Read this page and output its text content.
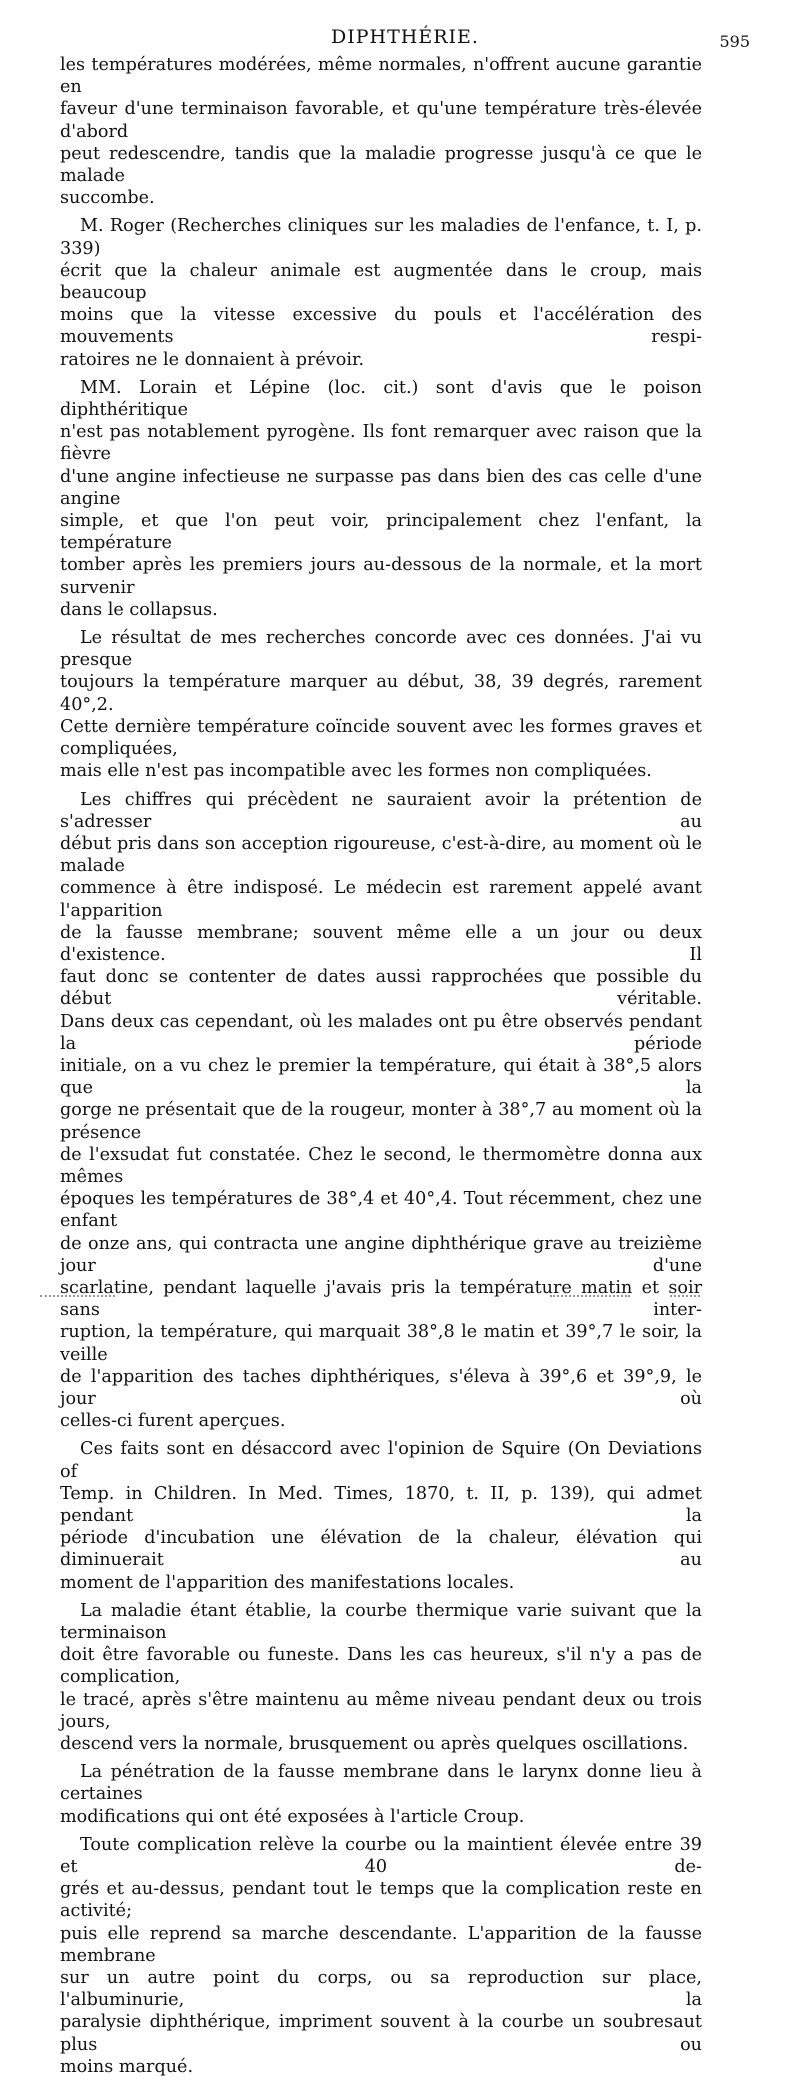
DIPHTHÉRIE.	595
les températures modérées, même normales, n'offrent aucune garantie en
faveur d'une terminaison favorable, et qu'une température très-élevée d'abord
peut redescendre, tandis que la maladie progresse jusqu'à ce que le malade
succombe.
M. Roger (Recherches cliniques sur les maladies de l'enfance, t. I, p. 339)
écrit que la chaleur animale est augmentée dans le croup, mais beaucoup
moins que la vitesse excessive du pouls et l'accélération des mouvements respi-
ratoires ne le donnaient à prévoir.
MM. Lorain et Lépine (loc. cit.) sont d'avis que le poison diphthéritique
n'est pas notablement pyrogène. Ils font remarquer avec raison que la fièvre
d'une angine infectieuse ne surpasse pas dans bien des cas celle d'une angine
simple, et que l'on peut voir, principalement chez l'enfant, la température
tomber après les premiers jours au-dessous de la normale, et la mort survenir
dans le collapsus.
Le résultat de mes recherches concorde avec ces données. J'ai vu presque
toujours la température marquer au début, 38, 39 degrés, rarement 40°,2.
Cette dernière température coïncide souvent avec les formes graves et compliquées,
mais elle n'est pas incompatible avec les formes non compliquées.
Les chiffres qui précèdent ne sauraient avoir la prétention de s'adresser au
début pris dans son acception rigoureuse, c'est-à-dire, au moment où le malade
commence à être indisposé. Le médecin est rarement appelé avant l'apparition
de la fausse membrane; souvent même elle a un jour ou deux d'existence. Il
faut donc se contenter de dates aussi rapprochées que possible du début véritable.
Dans deux cas cependant, où les malades ont pu être observés pendant la période
initiale, on a vu chez le premier la température, qui était à 38°,5 alors que la
gorge ne présentait que de la rougeur, monter à 38°,7 au moment où la présence
de l'exsudat fut constatée. Chez le second, le thermomètre donna aux mêmes
époques les températures de 38°,4 et 40°,4. Tout récemment, chez une enfant
de onze ans, qui contracta une angine diphthérique grave au treizième jour d'une
scarlatine, pendant laquelle j'avais pris la température matin et soir sans inter-
ruption, la température, qui marquait 38°,8 le matin et 39°,7 le soir, la veille
de l'apparition des taches diphthériques, s'éleva à 39°,6 et 39°,9, le jour où
celles-ci furent aperçues.
Ces faits sont en désaccord avec l'opinion de Squire (On Deviations of
Temp. in Children. In Med. Times, 1870, t. II, p. 139), qui admet pendant la
période d'incubation une élévation de la chaleur, élévation qui diminuerait au
moment de l'apparition des manifestations locales.
La maladie étant établie, la courbe thermique varie suivant que la terminaison
doit être favorable ou funeste. Dans les cas heureux, s'il n'y a pas de complication,
le tracé, après s'être maintenu au même niveau pendant deux ou trois jours,
descend vers la normale, brusquement ou après quelques oscillations.
La pénétration de la fausse membrane dans le larynx donne lieu à certaines
modifications qui ont été exposées à l'article Croup.
Toute complication relève la courbe ou la maintient élevée entre 39 et 40 de-
grés et au-dessus, pendant tout le temps que la complication reste en activité;
puis elle reprend sa marche descendante. L'apparition de la fausse membrane
sur un autre point du corps, ou sa reproduction sur place, l'albuminurie, la
paralysie diphthérique, impriment souvent à la courbe un soubresaut plus ou
moins marqué.
